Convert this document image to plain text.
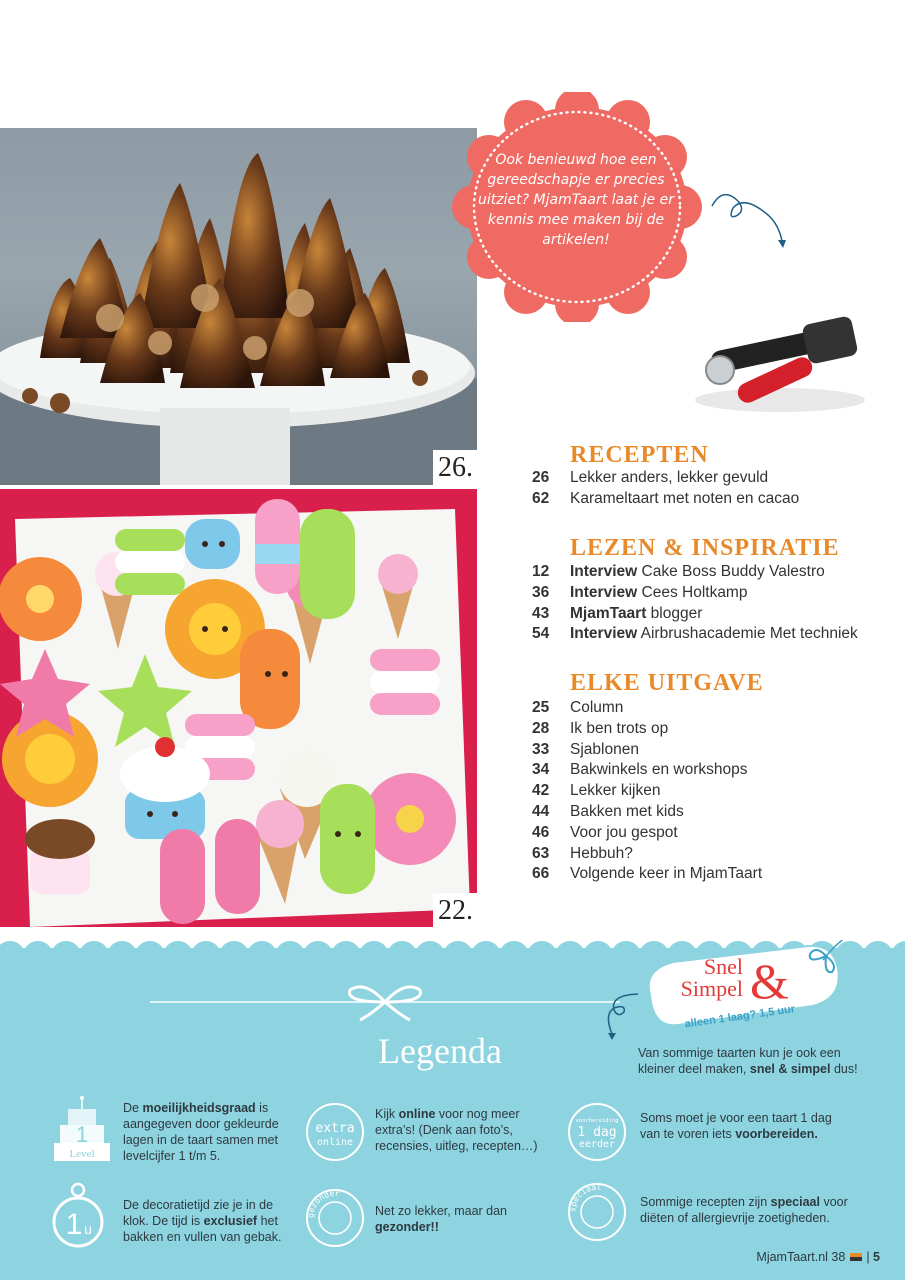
26.
22.
Ook benieuwd hoe een gereedschapje er precies uitziet? MjamTaart laat je er kennis mee maken bij de artikelen!
RECEPTEN
26 Lekker anders, lekker gevuld
62 Karameltaart met noten en cacao
LEZEN & INSPIRATIE
12 Interview Cake Boss Buddy Valestro
36 Interview Cees Holtkamp
43 MjamTaart blogger
54 Interview Airbrushacademie Met techniek
ELKE UITGAVE
25 Column
28 Ik ben trots op
33 Sjablonen
34 Bakwinkels en workshops
42 Lekker kijken
44 Bakken met kids
46 Voor jou gespot
63 Hebbuh?
66 Volgende keer in MjamTaart
Legenda
Snel
Simpel &
alleen 1 laag? 1,5 uur
Van sommige taarten kun je ook een kleiner deel maken, snel & simpel dus!
1
Level
De moeilijkheidsgraad is aangegeven door gekleurde lagen in de taart samen met levelcijfer 1 t/m 5.
1 u
De decoratietijd zie je in de klok. De tijd is exclusief het bakken en vullen van gebak.
extra
online
Kijk online voor nog meer extra’s! (Denk aan foto’s, recensies, uitleg, recepten…)
gezonder
Net zo lekker, maar dan gezonder!!
voorbereiding
1 dag
eerder
Soms moet je voor een taart 1 dag van te voren iets voorbereiden.
speciaal
Sommige recepten zijn speciaal voor diëten of allergievrije zoetigheden.
MjamTaart.nl 38 | 5
